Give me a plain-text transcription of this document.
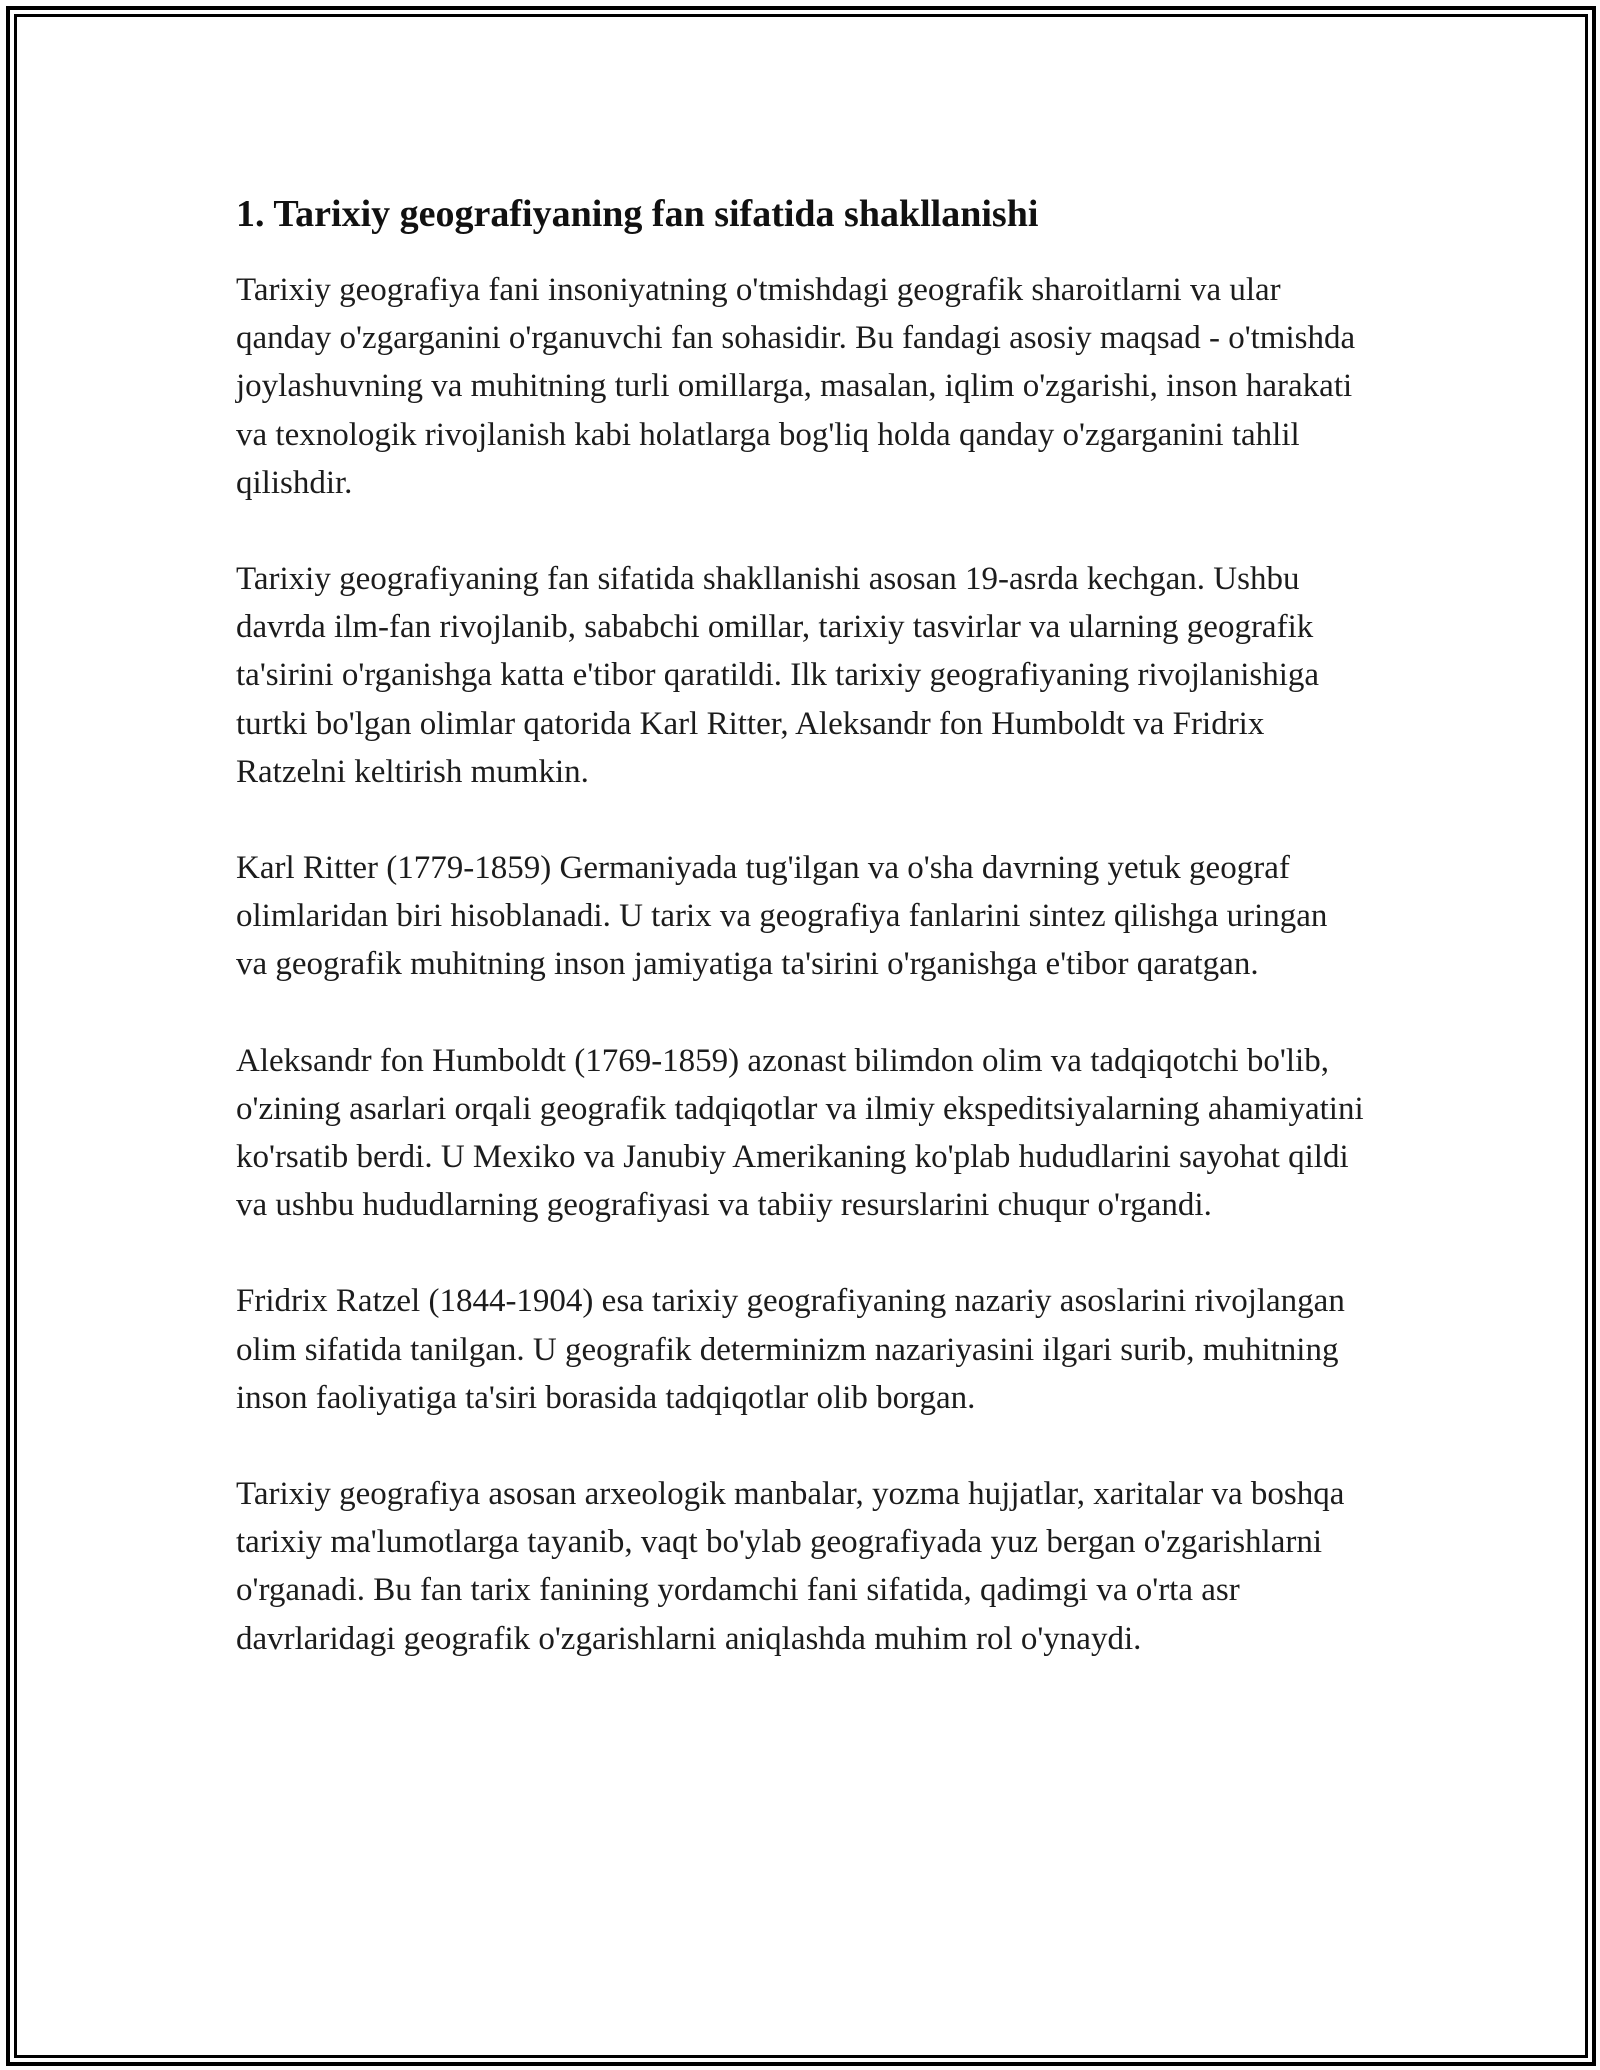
1. Tarixiy geografiyaning fan sifatida shakllanishi

Tarixiy geografiya fani insoniyatning o'tmishdagi geografik sharoitlarni va ular qanday o'zgarganini o'rganuvchi fan sohasidir. Bu fandagi asosiy maqsad - o'tmishda joylashuvning va muhitning turli omillarga, masalan, iqlim o'zgarishi, inson harakati va texnologik rivojlanish kabi holatlarga bog'liq holda qanday o'zgarganini tahlil qilishdir.

Tarixiy geografiyaning fan sifatida shakllanishi asosan 19-asrda kechgan. Ushbu davrda ilm-fan rivojlanib, sababchi omillar, tarixiy tasvirlar va ularning geografik ta'sirini o'rganishga katta e'tibor qaratildi. Ilk tarixiy geografiyaning rivojlanishiga turtki bo'lgan olimlar qatorida Karl Ritter, Aleksandr fon Humboldt va Fridrix Ratzelni keltirish mumkin.

Karl Ritter (1779-1859) Germaniyada tug'ilgan va o'sha davrning yetuk geograf olimlaridan biri hisoblanadi. U tarix va geografiya fanlarini sintez qilishga uringan va geografik muhitning inson jamiyatiga ta'sirini o'rganishga e'tibor qaratgan.

Aleksandr fon Humboldt (1769-1859) azonast bilimdon olim va tadqiqotchi bo'lib, o'zining asarlari orqali geografik tadqiqotlar va ilmiy ekspeditsiyalarning ahamiyatini ko'rsatib berdi. U Mexiko va Janubiy Amerikaning ko'plab hududlarini sayohat qildi va ushbu hududlarning geografiyasi va tabiiy resurslarini chuqur o'rgandi.

Fridrix Ratzel (1844-1904) esa tarixiy geografiyaning nazariy asoslarini rivojlangan olim sifatida tanilgan. U geografik determinizm nazariyasini ilgari surib, muhitning inson faoliyatiga ta'siri borasida tadqiqotlar olib borgan.

Tarixiy geografiya asosan arxeologik manbalar, yozma hujjatlar, xaritalar va boshqa tarixiy ma'lumotlarga tayanib, vaqt bo'ylab geografiyada yuz bergan o'zgarishlarni o'rganadi. Bu fan tarix fanining yordamchi fani sifatida, qadimgi va o'rta asr davrlaridagi geografik o'zgarishlarni aniqlashda muhim rol o'ynaydi.
